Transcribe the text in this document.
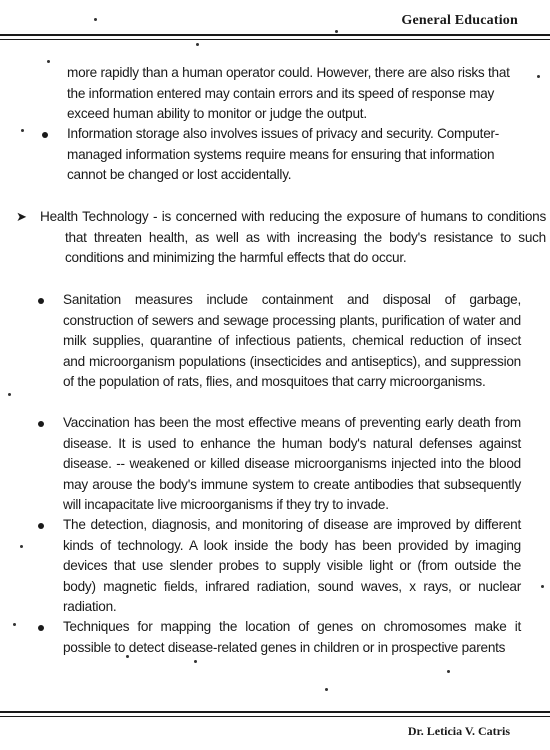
General Education
more rapidly than a human operator could. However, there are also risks that the information entered may contain errors and its speed of response may exceed human ability to monitor or judge the output.
Information storage also involves issues of privacy and security. Computer-managed information systems require means for ensuring that information cannot be changed or lost accidentally.
➤ Health Technology - is concerned with reducing the exposure of humans to conditions that threaten health, as well as with increasing the body's resistance to such conditions and minimizing the harmful effects that do occur.
Sanitation measures include containment and disposal of garbage, construction of sewers and sewage processing plants, purification of water and milk supplies, quarantine of infectious patients, chemical reduction of insect and microorganism populations (insecticides and antiseptics), and suppression of the population of rats, flies, and mosquitoes that carry microorganisms.
Vaccination has been the most effective means of preventing early death from disease. It is used to enhance the human body's natural defenses against disease. -- weakened or killed disease microorganisms injected into the blood may arouse the body's immune system to create antibodies that subsequently will incapacitate live microorganisms if they try to invade.
The detection, diagnosis, and monitoring of disease are improved by different kinds of technology. A look inside the body has been provided by imaging devices that use slender probes to supply visible light or (from outside the body) magnetic fields, infrared radiation, sound waves, x rays, or nuclear radiation.
Techniques for mapping the location of genes on chromosomes make it possible to detect disease-related genes in children or in prospective parents
Dr. Leticia V. Catris
